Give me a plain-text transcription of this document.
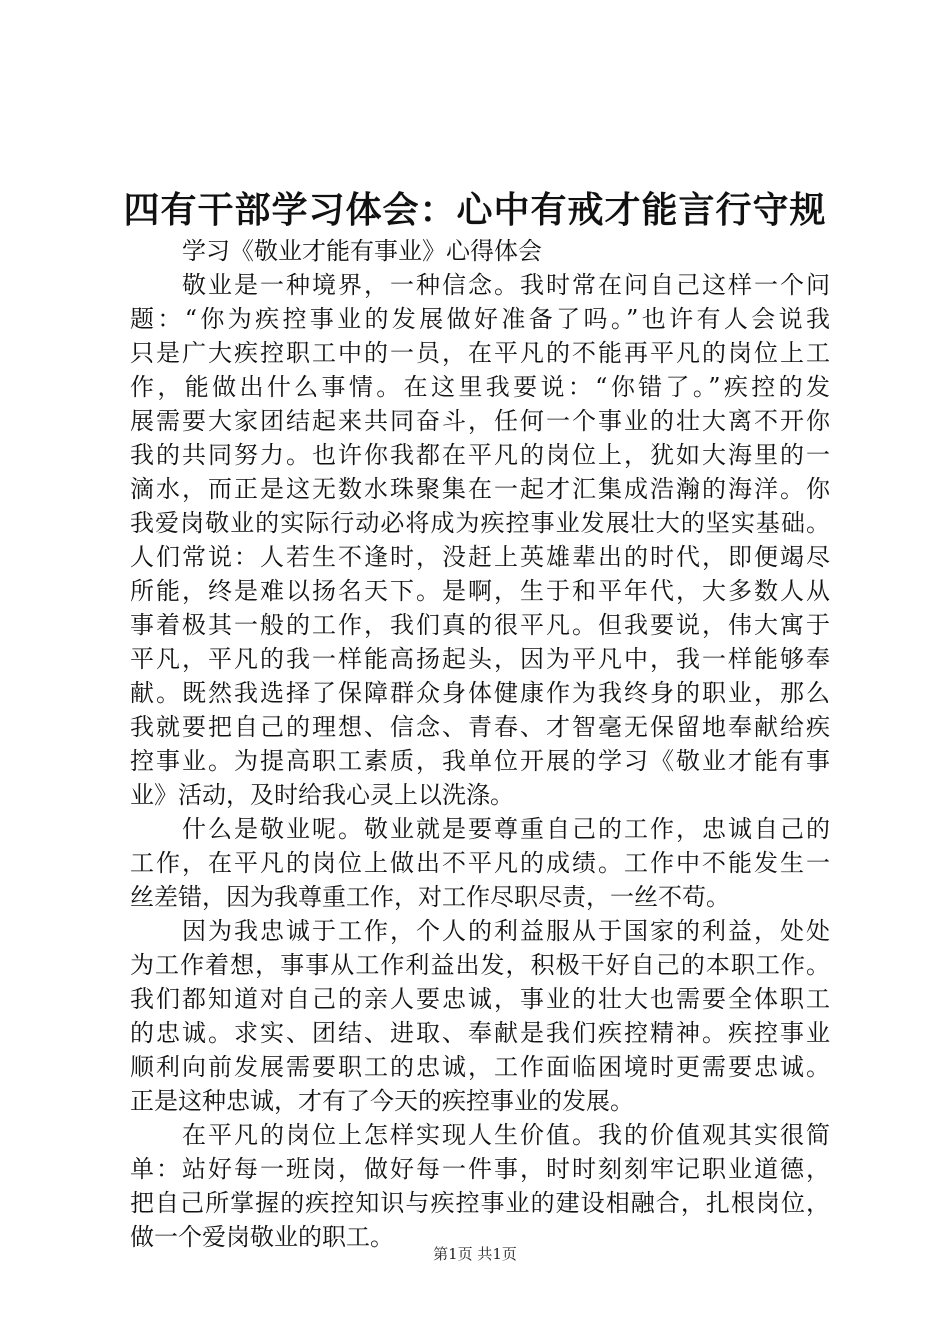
四有干部学习体会：心中有戒才能言行守规
学习《敬业才能有事业》心得体会
敬业是一种境界，一种信念。我时常在问自己这样一个问
题：“你为疾控事业的发展做好准备了吗。”也许有人会说我
只是广大疾控职工中的一员，在平凡的不能再平凡的岗位上工
作，能做出什么事情。在这里我要说：“你错了。”疾控的发
展需要大家团结起来共同奋斗，任何一个事业的壮大离不开你
我的共同努力。也许你我都在平凡的岗位上，犹如大海里的一
滴水，而正是这无数水珠聚集在一起才汇集成浩瀚的海洋。你
我爱岗敬业的实际行动必将成为疾控事业发展壮大的坚实基础。
人们常说：人若生不逢时，没赶上英雄辈出的时代，即便竭尽
所能，终是难以扬名天下。是啊，生于和平年代，大多数人从
事着极其一般的工作，我们真的很平凡。但我要说，伟大寓于
平凡，平凡的我一样能高扬起头，因为平凡中，我一样能够奉
献。既然我选择了保障群众身体健康作为我终身的职业，那么
我就要把自己的理想、信念、青春、才智毫无保留地奉献给疾
控事业。为提高职工素质，我单位开展的学习《敬业才能有事
业》活动，及时给我心灵上以洗涤。
什么是敬业呢。敬业就是要尊重自己的工作，忠诚自己的
工作，在平凡的岗位上做出不平凡的成绩。工作中不能发生一
丝差错，因为我尊重工作，对工作尽职尽责，一丝不苟。
因为我忠诚于工作，个人的利益服从于国家的利益，处处
为工作着想，事事从工作利益出发，积极干好自己的本职工作。
我们都知道对自己的亲人要忠诚，事业的壮大也需要全体职工
的忠诚。求实、团结、进取、奉献是我们疾控精神。疾控事业
顺利向前发展需要职工的忠诚，工作面临困境时更需要忠诚。
正是这种忠诚，才有了今天的疾控事业的发展。
在平凡的岗位上怎样实现人生价值。我的价值观其实很简
单：站好每一班岗，做好每一件事，时时刻刻牢记职业道德，
把自己所掌握的疾控知识与疾控事业的建设相融合，扎根岗位，
做一个爱岗敬业的职工。
第1页 共1页
